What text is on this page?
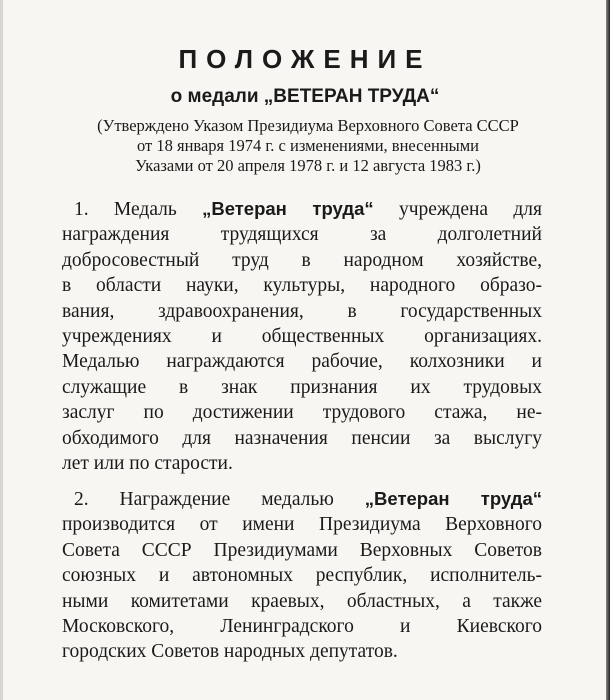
ПОЛОЖЕНИЕ
о медали „ВЕТЕРАН ТРУДА“
(Утверждено Указом Президиума Верховного Совета СССР
от 18 января 1974 г. с изменениями, внесенными
Указами от 20 апреля 1978 г. и 12 августа 1983 г.)
1. Медаль „Ветеран труда“ учреждена для
награждения трудящихся за долголетний
добросовестный труд в народном хозяйстве,
в области науки, культуры, народного образо-
вания, здравоохранения, в государственных
учреждениях и общественных организациях.
Медалью награждаются рабочие, колхозники и
служащие в знак признания их трудовых
заслуг по достижении трудового стажа, не-
обходимого для назначения пенсии за выслугу
лет или по старости.
2. Награждение медалью „Ветеран труда“
производится от имени Президиума Верховного
Совета СССР Президиумами Верховных Советов
союзных и автономных республик, исполнитель-
ными комитетами краевых, областных, а также
Московского, Ленинградского и Киевского
городских Советов народных депутатов.
